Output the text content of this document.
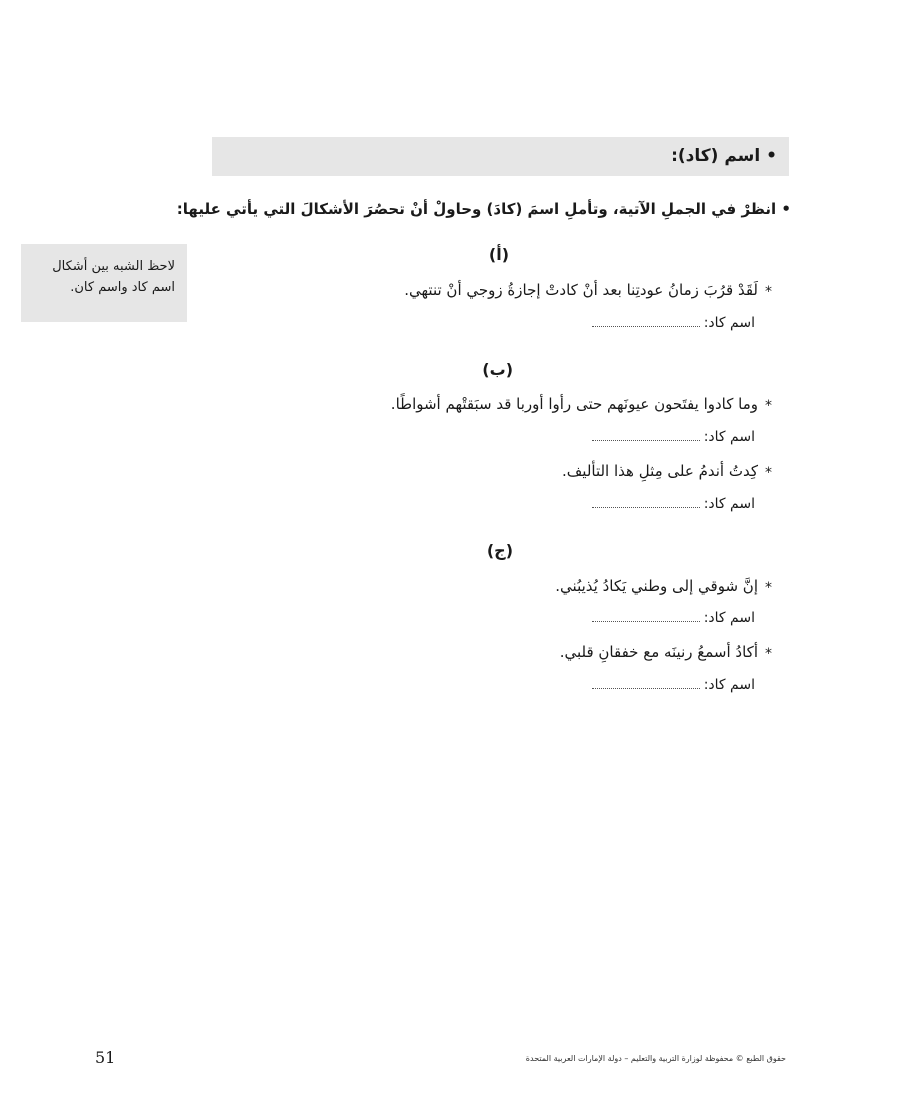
• اسم (كاد):
• انظرْ في الجملِ الآتية، وتأملِ اسمَ (كادَ) وحاولْ أنْ تحصُرَ الأشكالَ التي يأتي عليها:
لاحظ الشبه بين أشكال اسم كاد واسم كان.
(أ)
*
لَقَدْ قرُبَ زمانُ عودتِنا بعد أنْ كادتْ إجازةُ زوجي أنْ تنتهي.
اسم كاد:
(ب)
*
وما كادوا يفتَحون عيونَهم حتى رأوا أوربا قد سبَقتْهم أشواطًا.
اسم كاد:
*
كِدتُ أندمُ على مِثلِ هذا التأليف.
اسم كاد:
(ج)
*
إنَّ شوقي إلى وطني يَكادُ يُذيبُني.
اسم كاد:
*
أكادُ أسمعُ رنينَه مع خفقانِ قلبي.
اسم كاد:
51	حقوق الطبع © محفوظة لوزارة التربية والتعليم – دولة الإمارات العربية المتحدة
